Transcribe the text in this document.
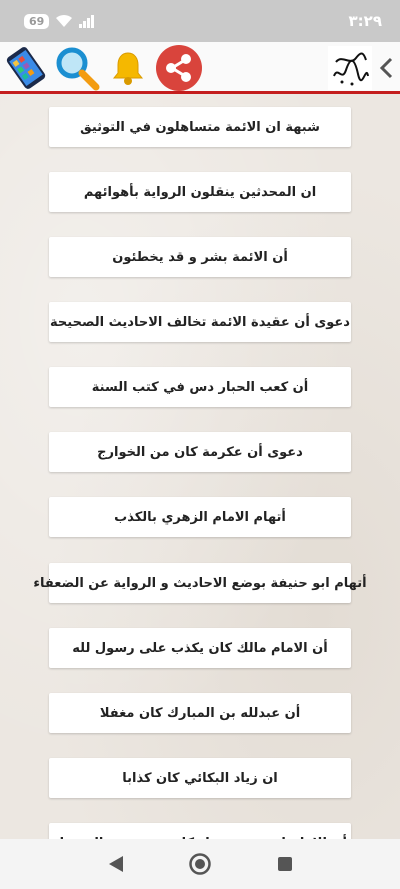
69	٣:٢٩
شبهة ان الائمة متساهلون في التوثيق
ان المحدثين ينقلون الرواية بأهوائهم
أن الائمة بشر و قد يخطئون
دعوى أن عقيدة الائمة تخالف الاحاديث الصحيحة
أن كعب الحبار دس في كتب السنة
دعوى أن عكرمة كان من الخوارج
أتهام الامام الزهري بالكذب
أتهام ابو حنيفة بوضع الاحاديث و الرواية عن الضعفاء
أن الامام مالك كان يكذب على رسول لله
أن عبدلله بن المبارك كان مغفلا
ان زياد البكائي كان كذابا
